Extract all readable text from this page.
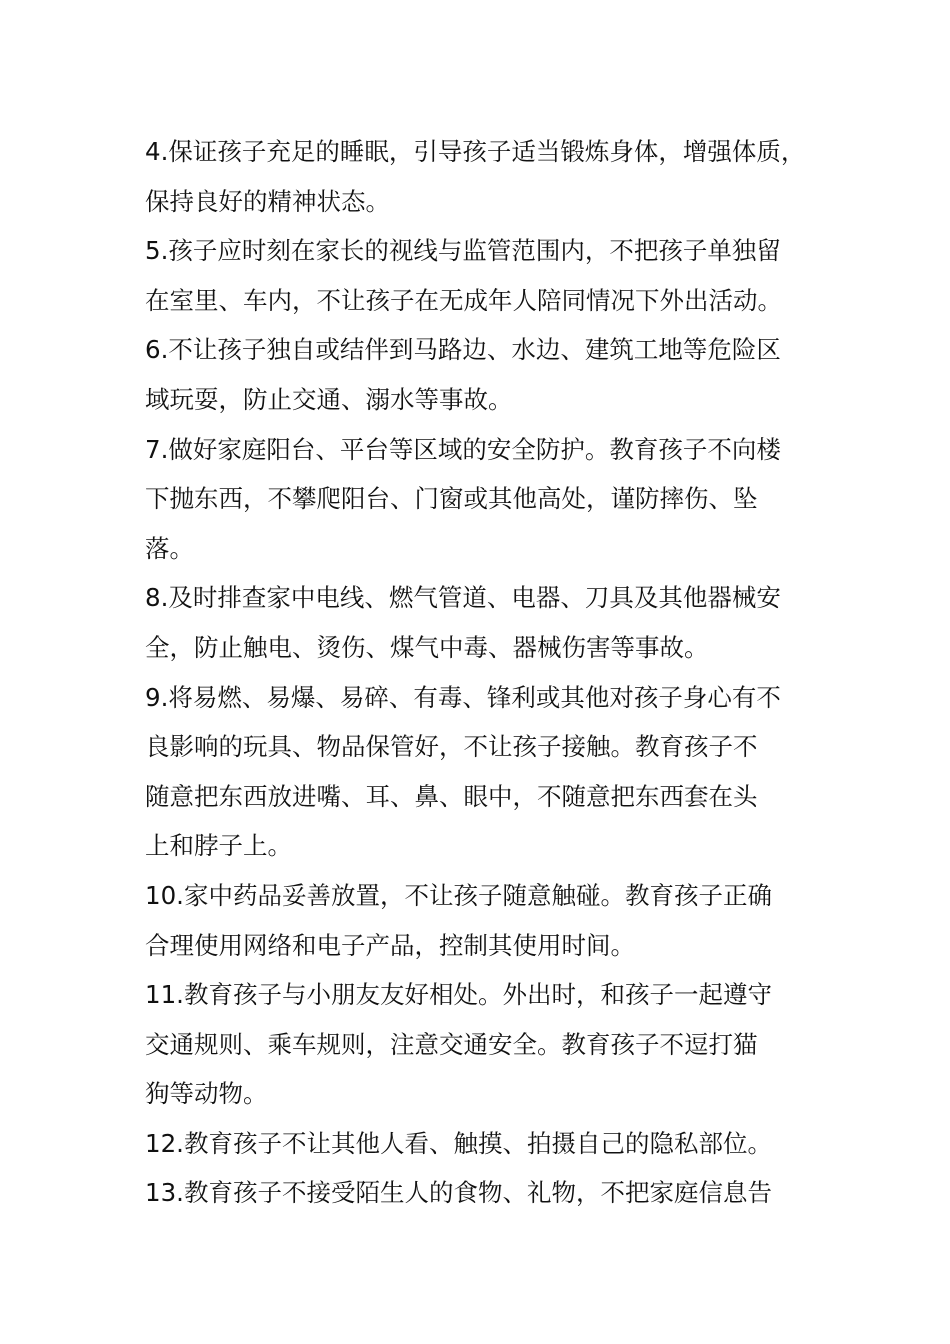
4.保证孩子充足的睡眠，引导孩子适当锻炼身体，增强体质，
保持良好的精神状态。

5.孩子应时刻在家长的视线与监管范围内，不把孩子单独留
在室里、车内，不让孩子在无成年人陪同情况下外出活动。

6.不让孩子独自或结伴到马路边、水边、建筑工地等危险区
域玩耍，防止交通、溺水等事故。

7.做好家庭阳台、平台等区域的安全防护。教育孩子不向楼
下抛东西，不攀爬阳台、门窗或其他高处，谨防摔伤、坠
落。

8.及时排查家中电线、燃气管道、电器、刀具及其他器械安
全，防止触电、烫伤、煤气中毒、器械伤害等事故。

9.将易燃、易爆、易碎、有毒、锋利或其他对孩子身心有不
良影响的玩具、物品保管好，不让孩子接触。教育孩子不
随意把东西放进嘴、耳、鼻、眼中，不随意把东西套在头
上和脖子上。

10.家中药品妥善放置，不让孩子随意触碰。教育孩子正确
合理使用网络和电子产品，控制其使用时间。

11.教育孩子与小朋友友好相处。外出时，和孩子一起遵守
交通规则、乘车规则，注意交通安全。教育孩子不逗打猫
狗等动物。

12.教育孩子不让其他人看、触摸、拍摄自己的隐私部位。

13.教育孩子不接受陌生人的食物、礼物，不把家庭信息告
